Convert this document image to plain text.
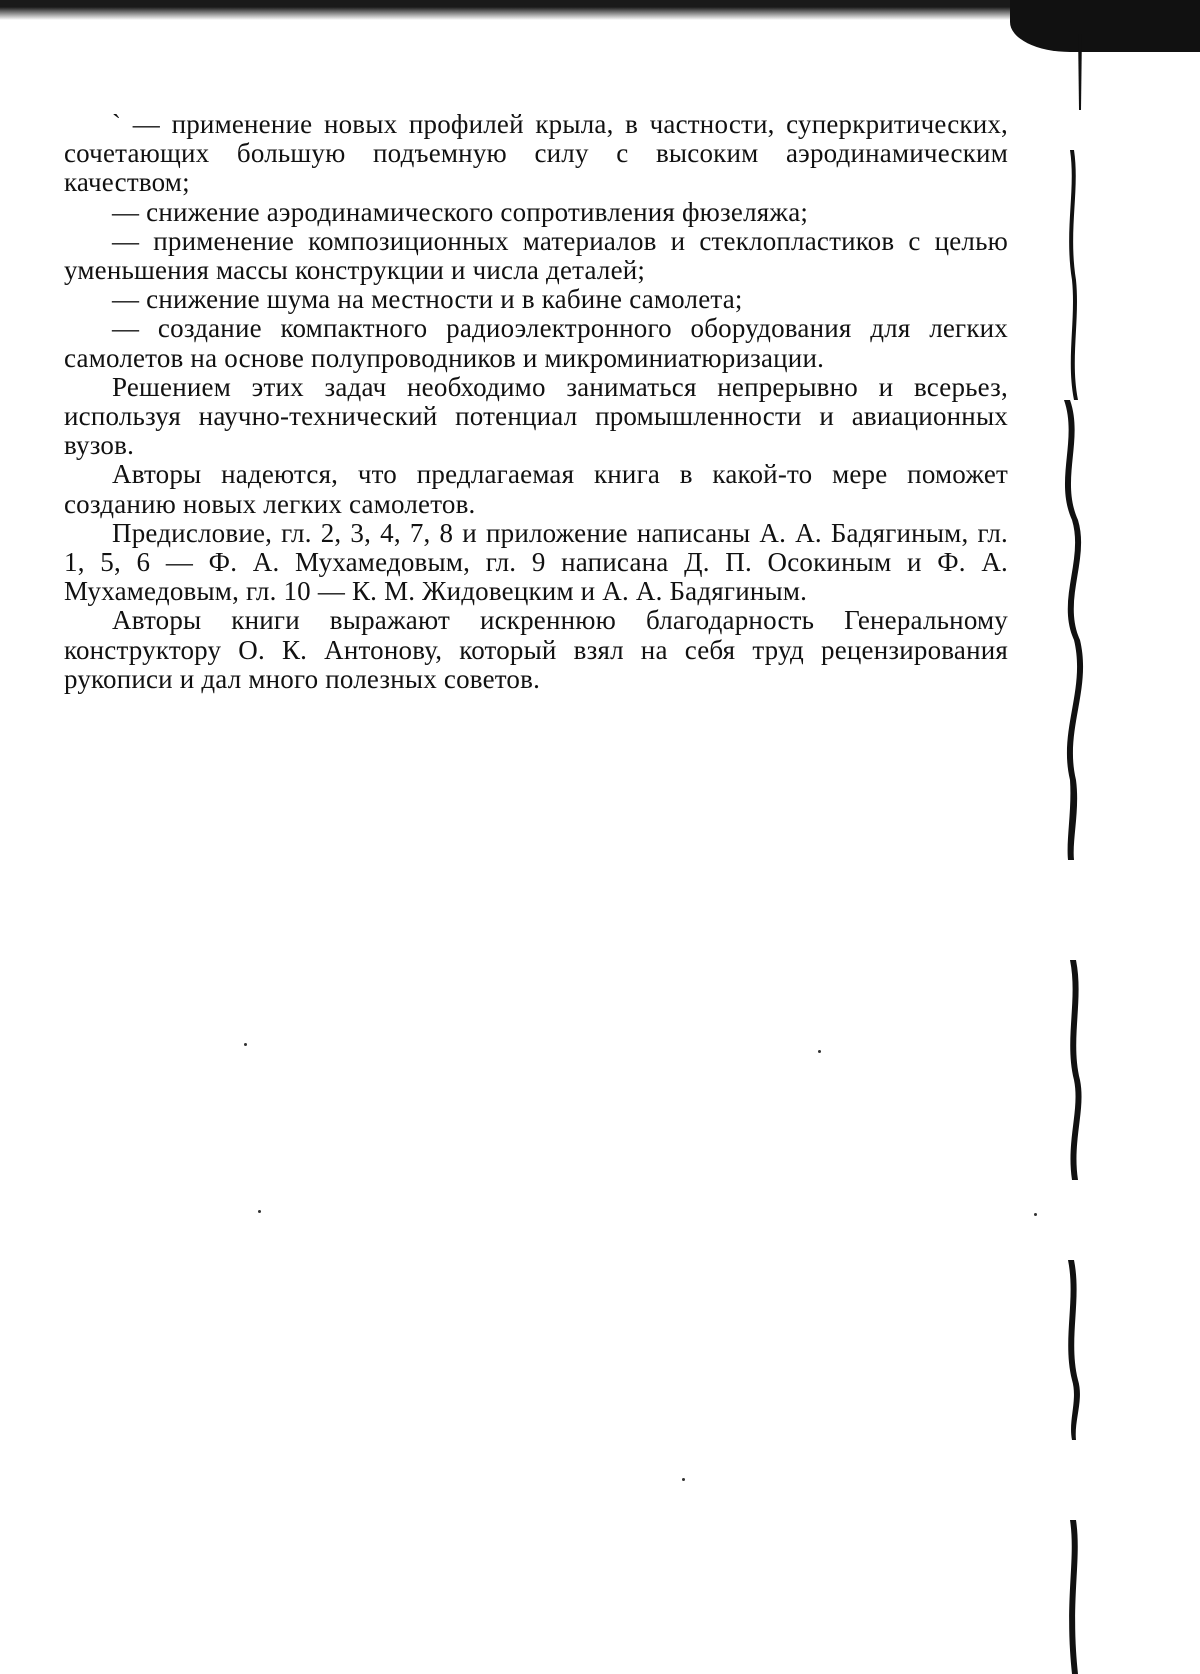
` — применение новых профилей крыла, в частности, суперкритических, сочетающих большую подъемную силу с высоким аэродинамическим качеством;

— снижение аэродинамического сопротивления фюзеляжа;

— применение композиционных материалов и стеклопластиков с целью уменьшения массы конструкции и числа деталей;

— снижение шума на местности и в кабине самолета;

— создание компактного радиоэлектронного оборудования для легких самолетов на основе полупроводников и микроминиатюризации.

Решением этих задач необходимо заниматься непрерывно и всерьез, используя научно-технический потенциал промышленности и авиационных вузов.

Авторы надеются, что предлагаемая книга в какой-то мере поможет созданию новых легких самолетов.

Предисловие, гл. 2, 3, 4, 7, 8 и приложение написаны А. А. Бадягиным, гл. 1, 5, 6 — Ф. А. Мухамедовым, гл. 9 написана Д. П. Осокиным и Ф. А. Мухамедовым, гл. 10 — К. М. Жидовецким и А. А. Бадягиным.

Авторы книги выражают искреннюю благодарность Генеральному конструктору О. К. Антонову, который взял на себя труд рецензирования рукописи и дал много полезных советов.
